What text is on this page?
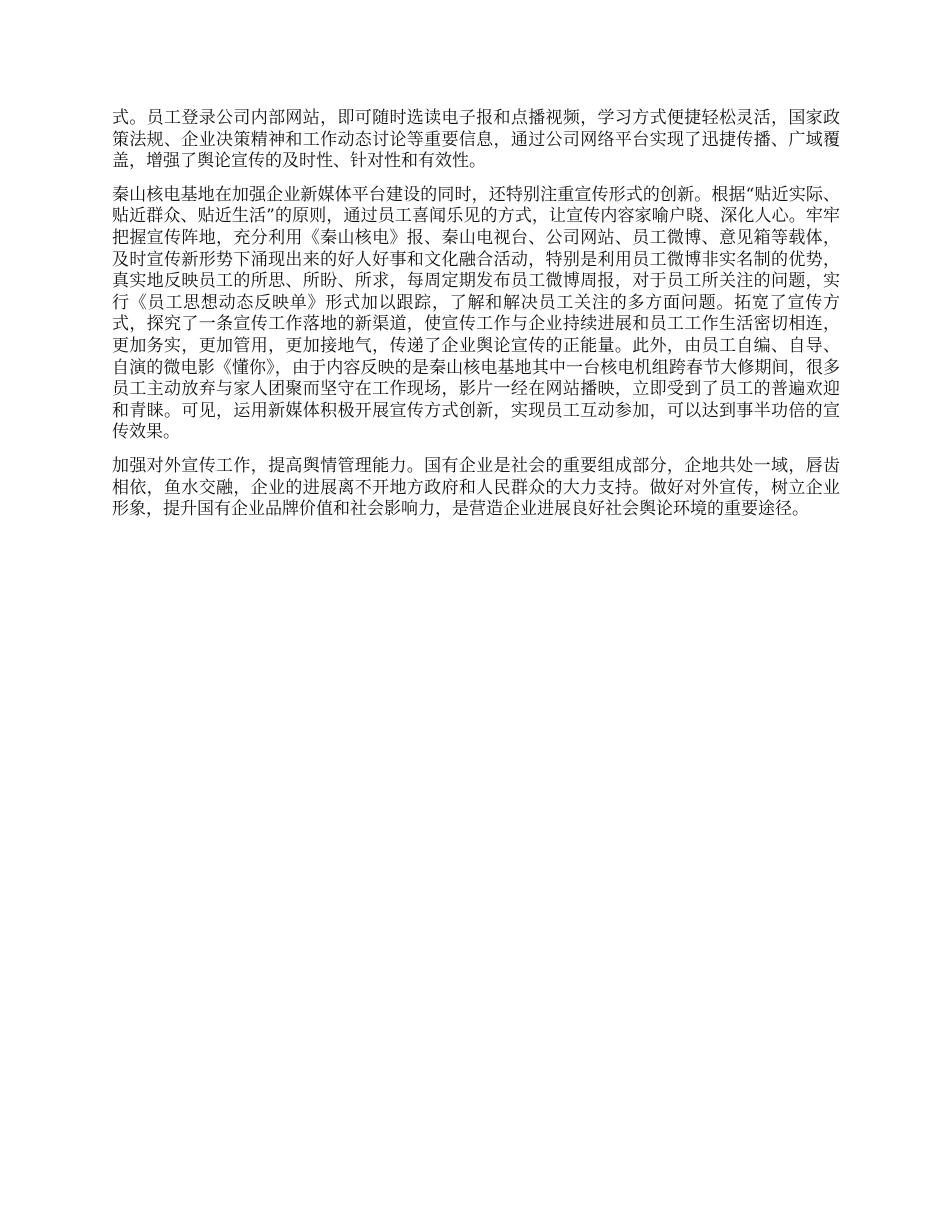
式。员工登录公司内部网站，即可随时选读电子报和点播视频，学习方式便捷轻松灵活，国家政策法规、企业决策精神和工作动态讨论等重要信息，通过公司网络平台实现了迅捷传播、广域覆盖，增强了舆论宣传的及时性、针对性和有效性。

秦山核电基地在加强企业新媒体平台建设的同时，还特别注重宣传形式的创新。根据“贴近实际、贴近群众、贴近生活”的原则，通过员工喜闻乐见的方式，让宣传内容家喻户晓、深化人心。牢牢把握宣传阵地，充分利用《秦山核电》报、秦山电视台、公司网站、员工微博、意见箱等载体，及时宣传新形势下涌现出来的好人好事和文化融合活动，特别是利用员工微博非实名制的优势，真实地反映员工的所思、所盼、所求，每周定期发布员工微博周报，对于员工所关注的问题，实行《员工思想动态反映单》形式加以跟踪，了解和解决员工关注的多方面问题。拓宽了宣传方式，探究了一条宣传工作落地的新渠道，使宣传工作与企业持续进展和员工工作生活密切相连，更加务实，更加管用，更加接地气，传递了企业舆论宣传的正能量。此外，由员工自编、自导、自演的微电影《懂你》，由于内容反映的是秦山核电基地其中一台核电机组跨春节大修期间，很多员工主动放弃与家人团聚而坚守在工作现场，影片一经在网站播映，立即受到了员工的普遍欢迎和青睐。可见，运用新媒体积极开展宣传方式创新，实现员工互动参加，可以达到事半功倍的宣传效果。

加强对外宣传工作，提高舆情管理能力。国有企业是社会的重要组成部分，企地共处一域，唇齿相依，鱼水交融，企业的进展离不开地方政府和人民群众的大力支持。做好对外宣传，树立企业形象，提升国有企业品牌价值和社会影响力，是营造企业进展良好社会舆论环境的重要途径。
